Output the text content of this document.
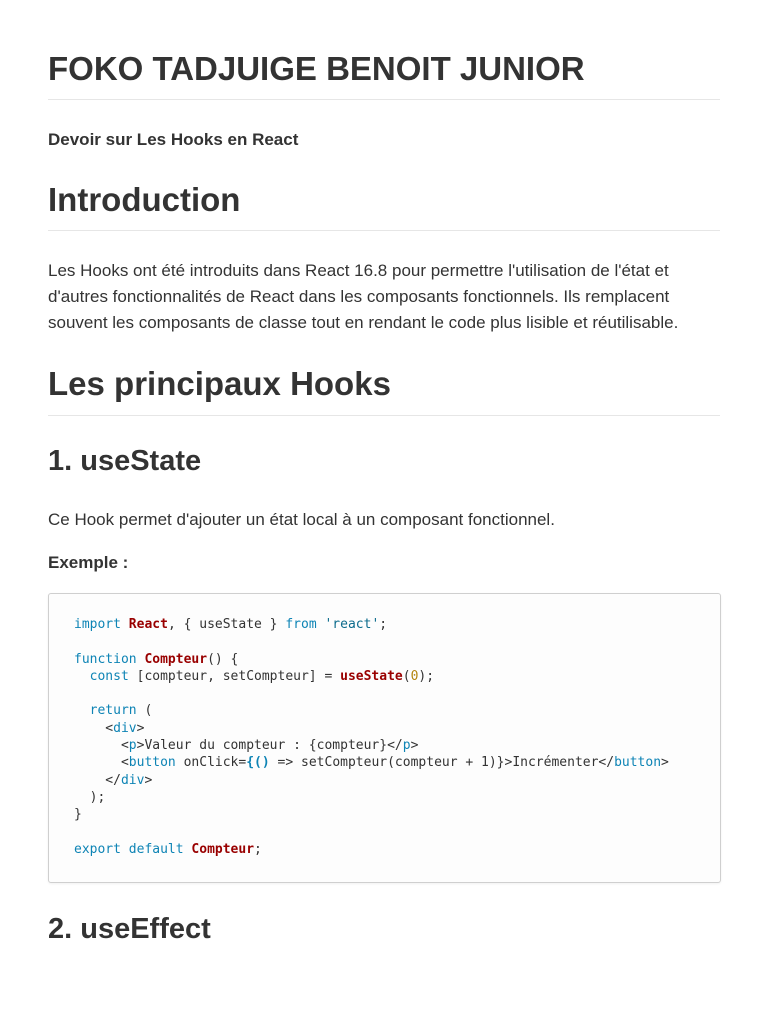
FOKO TADJUIGE BENOIT JUNIOR

Devoir sur Les Hooks en React

Introduction

Les Hooks ont été introduits dans React 16.8 pour permettre l'utilisation de l'état et d'autres fonctionnalités de React dans les composants fonctionnels. Ils remplacent souvent les composants de classe tout en rendant le code plus lisible et réutilisable.

Les principaux Hooks
1. useState

Ce Hook permet d'ajouter un état local à un composant fonctionnel.

Exemple :

import React, { useState } from 'react';

function Compteur() {
const [compteur, setCompteur] = useState(0);

return (
<div>
<p>Valeur du compteur : {compteur}</p>
<button onClick={() => setCompteur(compteur + 1)}>Incrémenter</button>
</div>
);
}

export default Compteur;
2. useEffect
